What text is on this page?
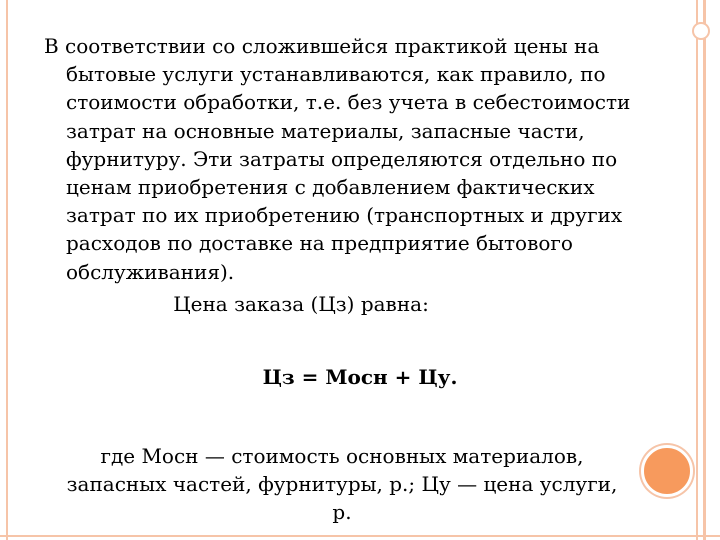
В соответствии со сложившейся практикой цены на бытовые услуги устанавливаются, как правило, по стоимости обработки, т.е. без учета в себестоимости затрат на основные материалы, запасные части, фурнитуру. Эти затраты определяются отдельно по ценам приобретения с добавлением фактических затрат по их приобретению (транспортных и других расходов по доставке на предприятие бытового обслуживания).

Цена заказа (Цз) равна:

Цз = Мосн + Цу.
где Мосн — стоимость основных материалов, запасных частей, фурнитуры, р.; Цу — цена услуги, р.
